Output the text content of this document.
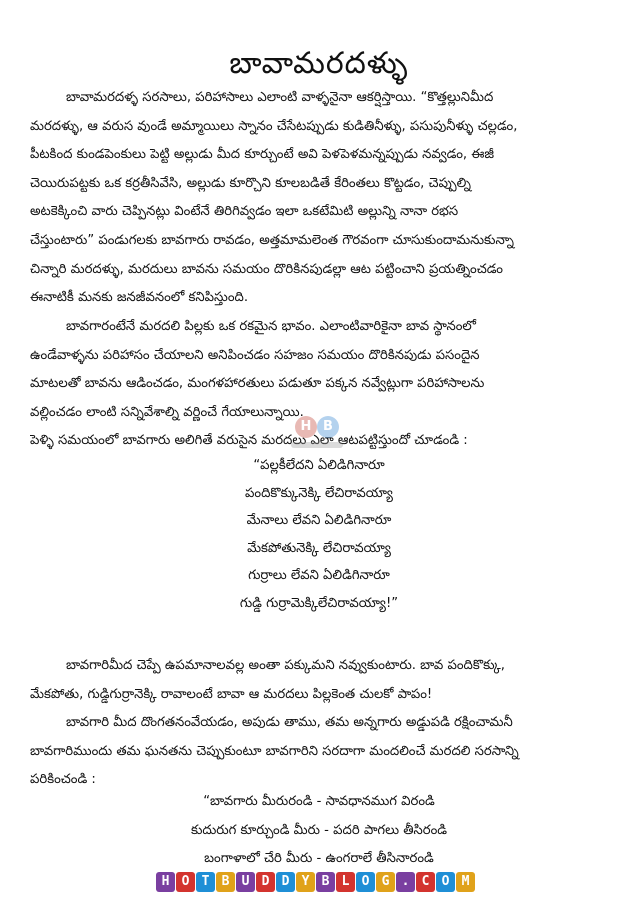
బావామరదళ్ళు
బావామరదళ్ళ సరసాలు, పరిహాసాలు ఎలాంటి వాళ్ళనైనా ఆకర్షిస్తాయి. “కొత్తల్లునిమీద
మరదళ్ళు, ఆ వరుస వుండే అమ్మాయిలు స్నానం చేసేటప్పుడు కుడితినీళ్ళు, పసుపునీళ్ళు చల్లడం,
పీటకింద కుండపెంకులు పెట్టి అల్లుడు మీద కూర్చుంటే అవి పెళపెళమన్నప్పుడు నవ్వడం, ఈజీ
చెయిరుపట్టకు ఒక కర్రతీసివేసి, అల్లుడు కూర్చొని కూలబడితే కేరింతలు కొట్టడం, చెప్పుల్ని
అటకెక్కించి వారు చెప్పినట్లు వింటేనే తిరిగివ్వడం ఇలా ఒకటేమిటి అల్లున్ని నానా రభస
చేస్తుంటారు” పండుగలకు బావగారు రావడం, అత్తమామలెంత గౌరవంగా చూసుకుందామనుకున్నా
చిన్నారి మరదళ్ళు, మరదులు బావను సమయం దొరికినపుడల్లా ఆట పట్టించాని ప్రయత్నించడం
ఈనాటికీ మనకు జనజీవనంలో కనిపిస్తుంది.
బావగారంటేనే మరదలి పిల్లకు ఒక రకమైన భావం. ఎలాంటివారికైనా బావ స్థానంలో
ఉండేవాళ్ళను పరిహాసం చేయాలని అనిపించడం సహజం సమయం దొరికినపుడు పసందైన
మాటలతో బావను ఆడించడం, మంగళహారతులు పడుతూ పక్కన నవ్వేట్లుగా పరిహాసాలను
వల్లించడం లాంటి సన్నివేశాల్ని వర్ణించే గేయాలున్నాయి.
పెళ్ళి సమయంలో బావగారు అలిగితే వరుసైన మరదలు ఎలా ఆటపట్టిస్తుందో చూడండి :
H B
“పల్లకీలేదని ఏలిడిగినారూ
పందికొక్కునెక్కి లేచిరావయ్యా
మేనాలు లేవని ఏలిడిగినారూ
మేకపోతునెక్కి లేచిరావయ్యా
గుర్రాలు లేవని ఏలిడిగినారూ
గుడ్డి గుర్రామెక్కిలేచిరావయ్యా!”
బావగారిమీద చెప్పే ఉపమానాలవల్ల అంతా పక్కుమని నవ్వుకుంటారు. బావ పందికొక్కు,
మేకపోతు, గుడ్డిగుర్రానెక్కి రావాలంటే బావా ఆ మరదలు పిల్లకెంత చులకో పాపం!
బావగారి మీద దొంగతనంవేయడం, అపుడు తాము, తమ అన్నగారు అడ్డుపడి రక్షించామనీ
బావగారిముందు తమ ఘనతను చెప్పుకుంటూ బావగారిని సరదాగా మందలించే మరదలి సరసాన్ని
పరికించండి :
“బావగారు మీరురండి - సావధానముగ విరండి
కుదురుగ కూర్చుండి మీరు - పదరి పాగలు తీసిరండి
బంగాళాలో చేరి మీరు - ఉంగరాలే తీసినారండి
H O T B U D D Y B L O G . C O M
